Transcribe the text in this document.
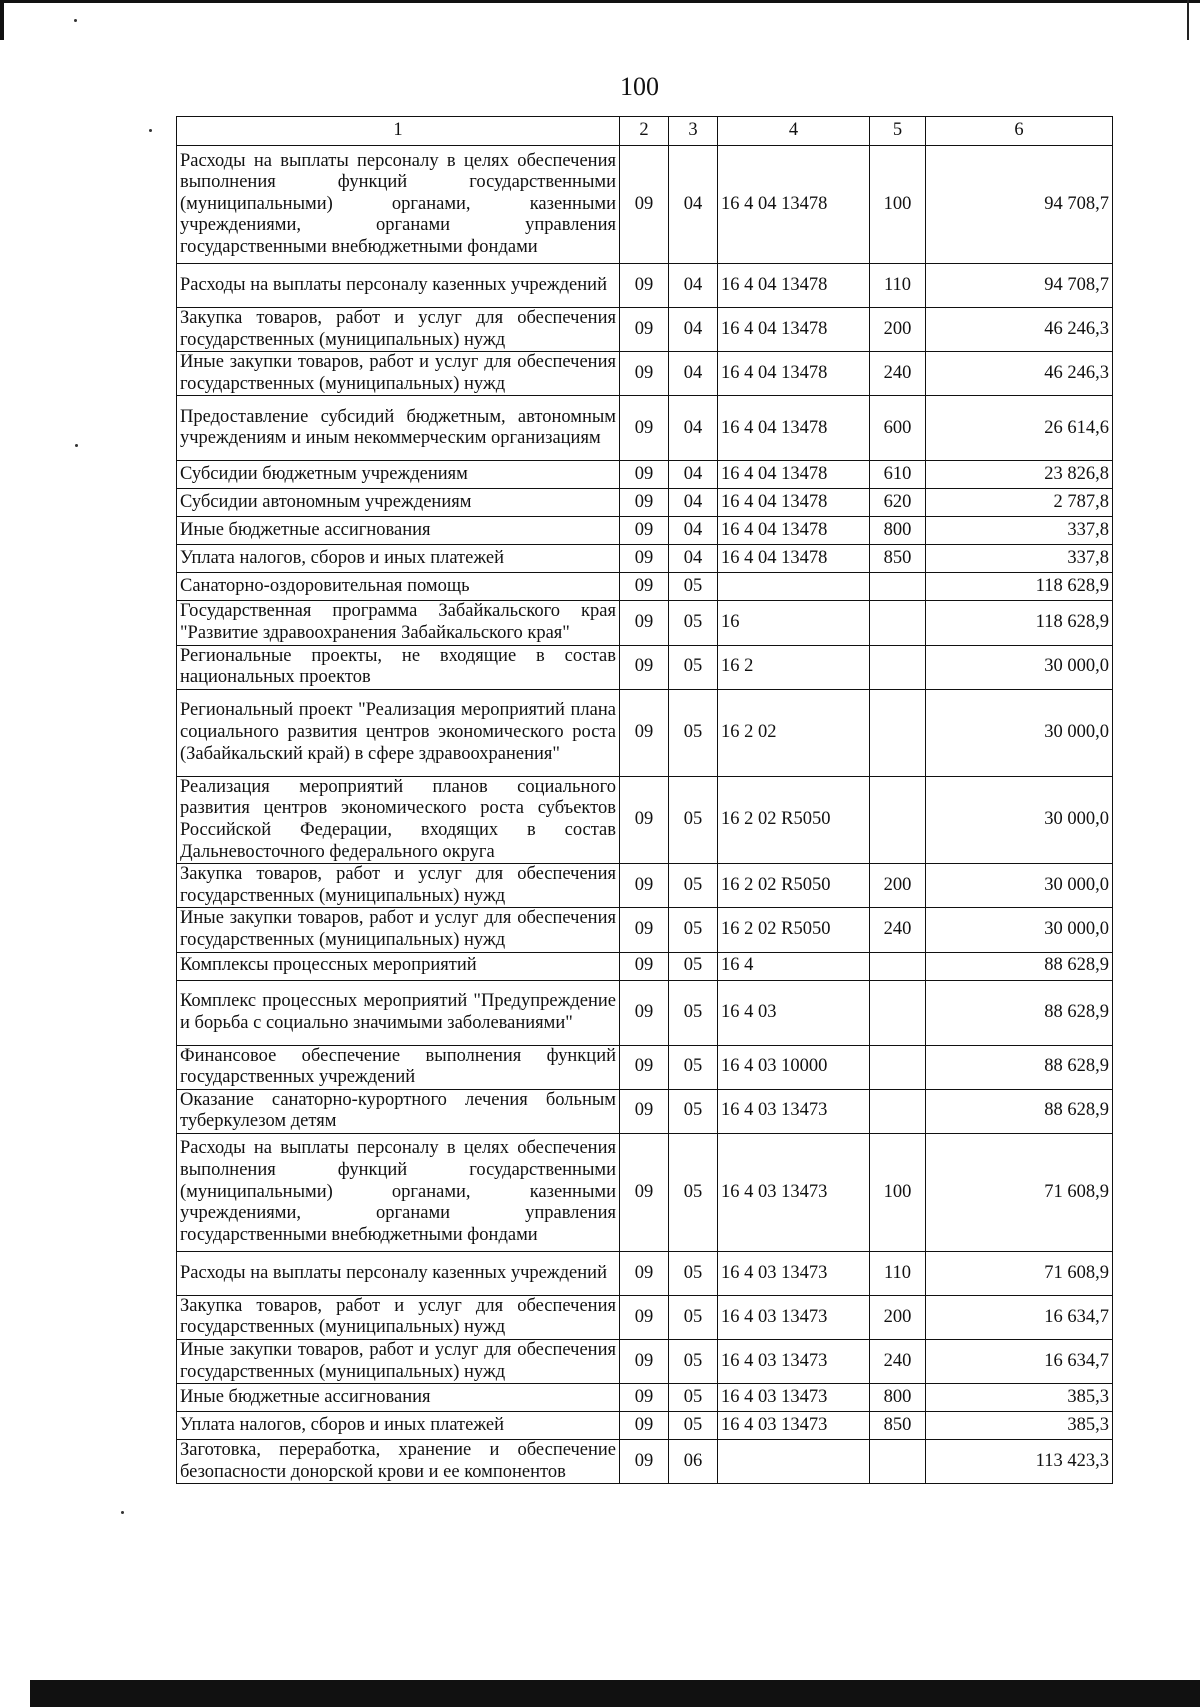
100
1	2	3	4	5	6
Расходы на выплаты персоналу в целях обеспечения выполнения функций государственными (муниципальными) органами, казенными учреждениями, органами управления государственными внебюджетными фондами	09	04	16 4 04 13478	100	94 708,7
Расходы на выплаты персоналу казенных учреждений	09	04	16 4 04 13478	110	94 708,7
Закупка товаров, работ и услуг для обеспечения государственных (муниципальных) нужд	09	04	16 4 04 13478	200	46 246,3
Иные закупки товаров, работ и услуг для обеспечения государственных (муниципальных) нужд	09	04	16 4 04 13478	240	46 246,3
Предоставление субсидий бюджетным, автономным учреждениям и иным некоммерческим организациям	09	04	16 4 04 13478	600	26 614,6
Субсидии бюджетным учреждениям	09	04	16 4 04 13478	610	23 826,8
Субсидии автономным учреждениям	09	04	16 4 04 13478	620	2 787,8
Иные бюджетные ассигнования	09	04	16 4 04 13478	800	337,8
Уплата налогов, сборов и иных платежей	09	04	16 4 04 13478	850	337,8
Санаторно-оздоровительная помощь	09	05			118 628,9
Государственная программа Забайкальского края "Развитие здравоохранения Забайкальского края"	09	05	16		118 628,9
Региональные проекты, не входящие в состав национальных проектов	09	05	16 2		30 000,0
Региональный проект "Реализация мероприятий плана социального развития центров экономического роста (Забайкальский край) в сфере здравоохранения"	09	05	16 2 02		30 000,0
Реализация мероприятий планов социального развития центров экономического роста субъектов Российской Федерации, входящих в состав Дальневосточного федерального округа	09	05	16 2 02 R5050		30 000,0
Закупка товаров, работ и услуг для обеспечения государственных (муниципальных) нужд	09	05	16 2 02 R5050	200	30 000,0
Иные закупки товаров, работ и услуг для обеспечения государственных (муниципальных) нужд	09	05	16 2 02 R5050	240	30 000,0
Комплексы процессных мероприятий	09	05	16 4		88 628,9
Комплекс процессных мероприятий "Предупреждение и борьба с социально значимыми заболеваниями"	09	05	16 4 03		88 628,9
Финансовое обеспечение выполнения функций государственных учреждений	09	05	16 4 03 10000		88 628,9
Оказание санаторно-курортного лечения больным туберкулезом детям	09	05	16 4 03 13473		88 628,9
Расходы на выплаты персоналу в целях обеспечения выполнения функций государственными (муниципальными) органами, казенными учреждениями, органами управления государственными внебюджетными фондами	09	05	16 4 03 13473	100	71 608,9
Расходы на выплаты персоналу казенных учреждений	09	05	16 4 03 13473	110	71 608,9
Закупка товаров, работ и услуг для обеспечения государственных (муниципальных) нужд	09	05	16 4 03 13473	200	16 634,7
Иные закупки товаров, работ и услуг для обеспечения государственных (муниципальных) нужд	09	05	16 4 03 13473	240	16 634,7
Иные бюджетные ассигнования	09	05	16 4 03 13473	800	385,3
Уплата налогов, сборов и иных платежей	09	05	16 4 03 13473	850	385,3
Заготовка, переработка, хранение и обеспечение безопасности донорской крови и ее компонентов	09	06			113 423,3
